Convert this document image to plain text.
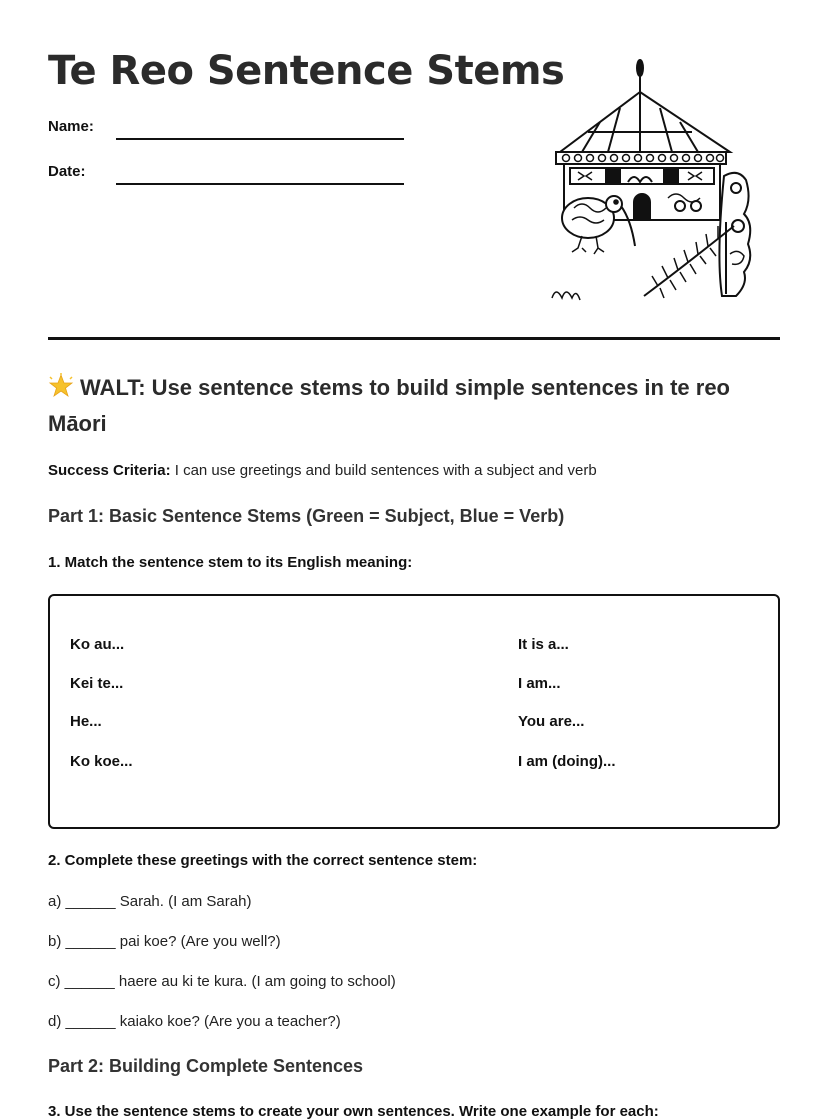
Te Reo Sentence Stems
Name:
Date:
WALT: Use sentence stems to build simple sentences in te reo Māori
Success Criteria: I can use greetings and build sentences with a subject and verb
Part 1: Basic Sentence Stems (Green = Subject, Blue = Verb)

1. Match the sentence stem to its English meaning:

Ko au...
Kei te...
He...
Ko koe...
It is a...
I am...
You are...
I am (doing)...

2. Complete these greetings with the correct sentence stem:

a) ______ Sarah. (I am Sarah)
b) ______ pai koe? (Are you well?)
c) ______ haere au ki te kura. (I am going to school)
d) ______ kaiako koe? (Are you a teacher?)
Part 2: Building Complete Sentences

3. Use the sentence stems to create your own sentences. Write one example for each:
